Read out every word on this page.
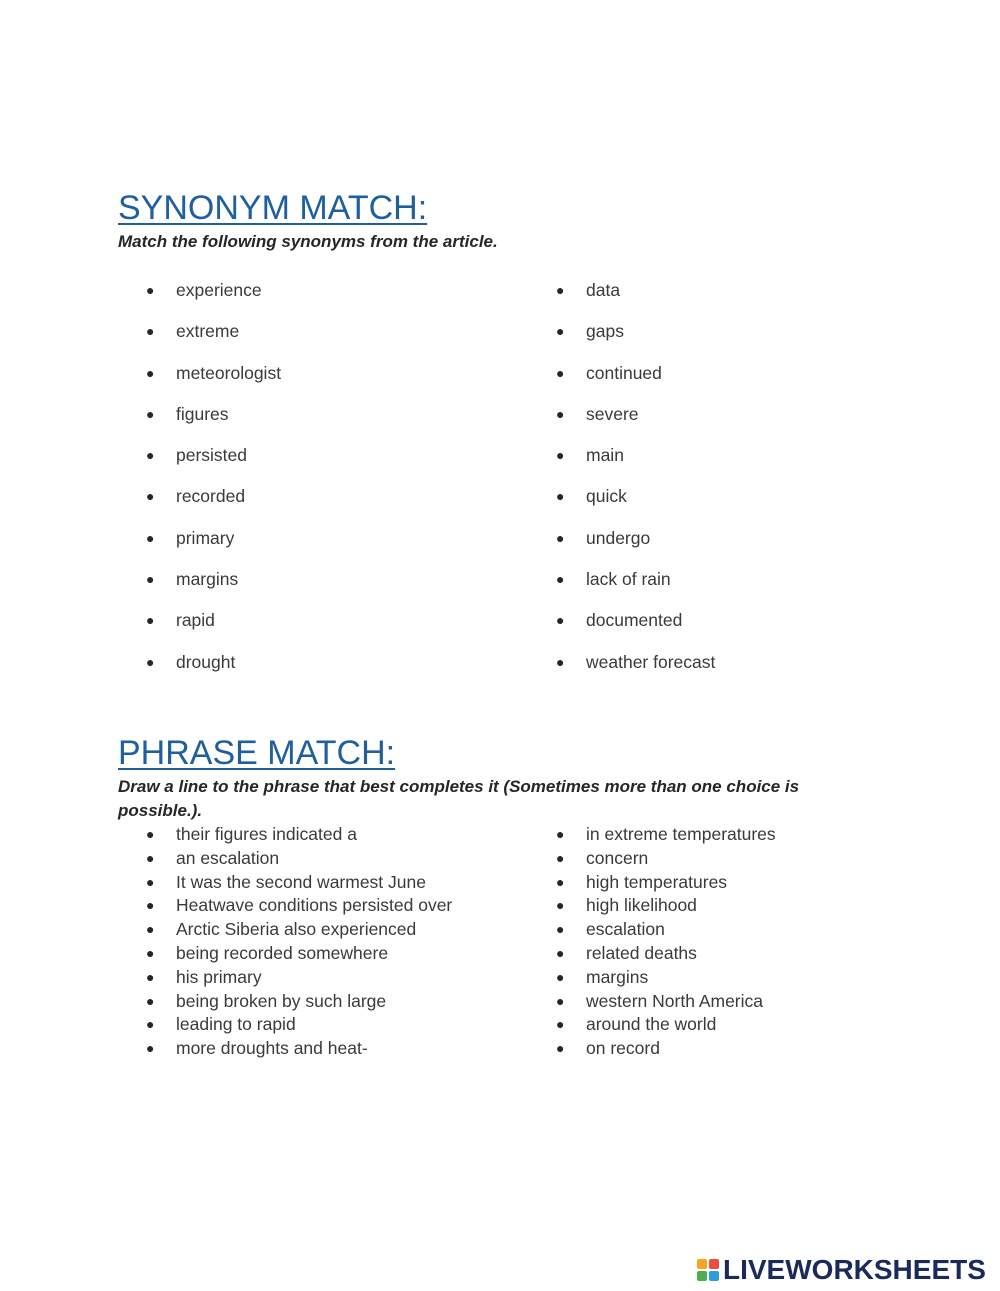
SYNONYM MATCH:

Match the following synonyms from the article.

● experience
● extreme
● meteorologist
● figures
● persisted
● recorded
● primary
● margins
● rapid
● drought
● data
● gaps
● continued
● severe
● main
● quick
● undergo
● lack of rain
● documented
● weather forecast
PHRASE MATCH:

Draw a line to the phrase that best completes it (Sometimes more than one choice is possible.).

● their figures indicated a
● an escalation
● It was the second warmest June
● Heatwave conditions persisted over
● Arctic Siberia also experienced
● being recorded somewhere
● his primary
● being broken by such large
● leading to rapid
● more droughts and heat-
● in extreme temperatures
● concern
● high temperatures
● high likelihood
● escalation
● related deaths
● margins
● western North America
● around the world
● on record
LIVEWORKSHEETS
